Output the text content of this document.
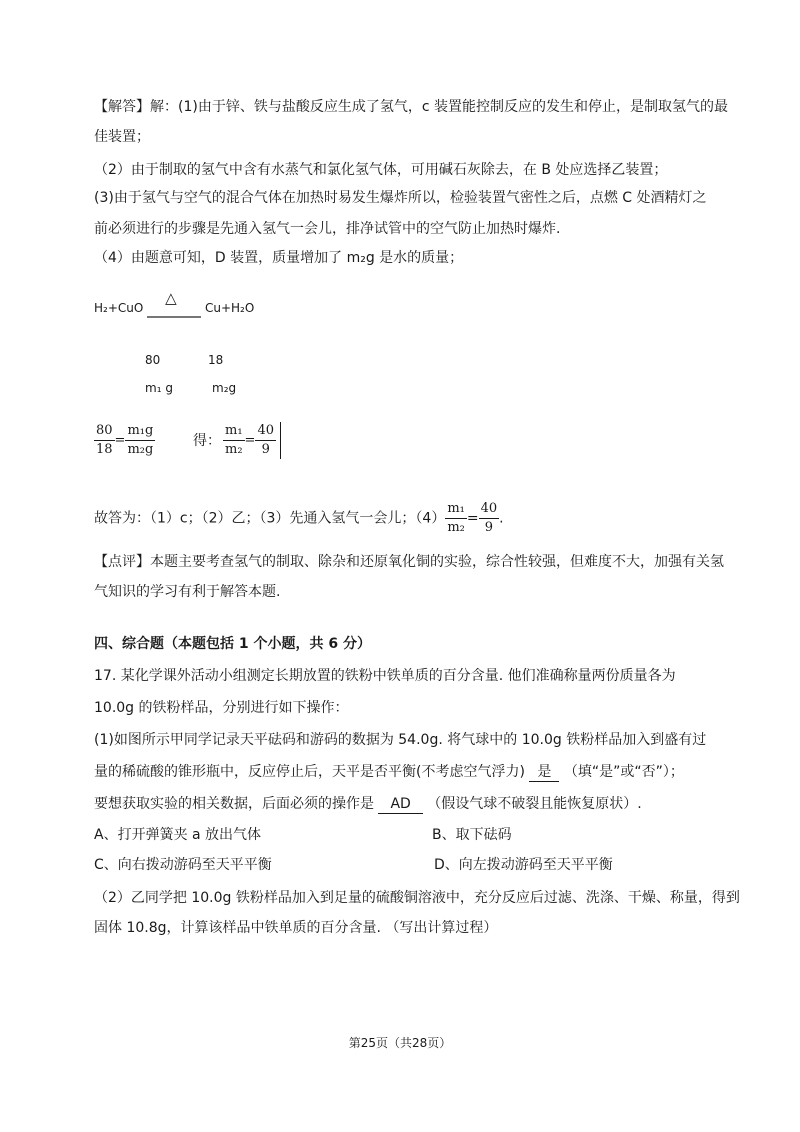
【解答】解：(1)由于锌、铁与盐酸反应生成了氢气，c 装置能控制反应的发生和停止，是制取氢气的最
佳装置；
（2）由于制取的氢气中含有水蒸气和氯化氢气体，可用碱石灰除去，在 B 处应选择乙装置；
(3)由于氢气与空气的混合气体在加热时易发生爆炸所以，检验装置气密性之后，点燃 C 处酒精灯之
前必须进行的步骤是先通入氢气一会儿，排净试管中的空气防止加热时爆炸.
（4）由题意可知，D 装置，质量增加了 m₂g 是水的质量；
H₂+CuO
△
Cu+H₂O
80	18
m₁ g	m₂g
$\frac{80}{18} = \frac{\text{m₁g}}{\text{m₂g}}$	得： $\frac{\text{m₁}}{\text{m₂}} = \frac{40}{9}$
故答为：（1）c；（2）乙；（3）先通入氢气一会儿；$(4) \frac{\text{m₁}}{\text{m₂}} = \frac{40}{9}$ .
【点评】本题主要考查氢气的制取、除杂和还原氧化铜的实验，综合性较强，但难度不大，加强有关氢
气知识的学习有利于解答本题.
四、综合题（本题包括 1 个小题，共 6 分）
17. 某化学课外活动小组测定长期放置的铁粉中铁单质的百分含量. 他们准确称量两份质量各为
10.0g 的铁粉样品，分别进行如下操作：
(1)如图所示甲同学记录天平砝码和游码的数据为 54.0g. 将气球中的 10.0g 铁粉样品加入到盛有过
量的稀硫酸的锥形瓶中，反应停止后，天平是否平衡(不考虑空气浮力) 是 （填“是”或“否”）；
要想获取实验的相关数据，后面必须的操作是 AD （假设气球不破裂且能恢复原状）.
A、打开弹簧夹 a 放出气体	B、取下砝码
C、向右拨动游码至天平平衡	D、向左拨动游码至天平平衡
（2）乙同学把 10.0g 铁粉样品加入到足量的硫酸铜溶液中，充分反应后过滤、洗涤、干燥、称量，得到
固体 10.8g，计算该样品中铁单质的百分含量. （写出计算过程）
第25页（共28页）
